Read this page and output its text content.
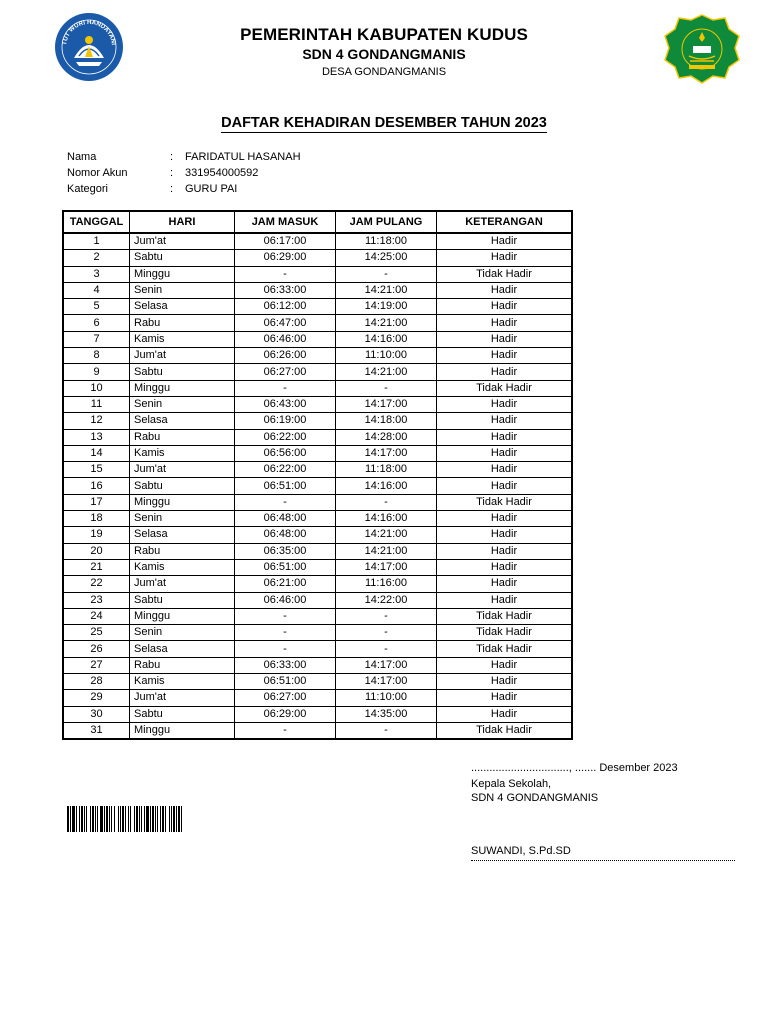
TUT WURI HANDAYANI
PEMERINTAH KABUPATEN KUDUS
SDN 4 GONDANGMANIS
DESA GONDANGMANIS
DAFTAR KEHADIRAN DESEMBER TAHUN 2023
Nama	:	FARIDATUL HASANAH
Nomor Akun	:	331954000592
Kategori	:	GURU PAI
TANGGAL	HARI	JAM MASUK	JAM PULANG	KETERANGAN
1	Jum'at	06:17:00	11:18:00	Hadir
2	Sabtu	06:29:00	14:25:00	Hadir
3	Minggu	-	-	Tidak Hadir
4	Senin	06:33:00	14:21:00	Hadir
5	Selasa	06:12:00	14:19:00	Hadir
6	Rabu	06:47:00	14:21:00	Hadir
7	Kamis	06:46:00	14:16:00	Hadir
8	Jum'at	06:26:00	11:10:00	Hadir
9	Sabtu	06:27:00	14:21:00	Hadir
10	Minggu	-	-	Tidak Hadir
11	Senin	06:43:00	14:17:00	Hadir
12	Selasa	06:19:00	14:18:00	Hadir
13	Rabu	06:22:00	14:28:00	Hadir
14	Kamis	06:56:00	14:17:00	Hadir
15	Jum'at	06:22:00	11:18:00	Hadir
16	Sabtu	06:51:00	14:16:00	Hadir
17	Minggu	-	-	Tidak Hadir
18	Senin	06:48:00	14:16:00	Hadir
19	Selasa	06:48:00	14:21:00	Hadir
20	Rabu	06:35:00	14:21:00	Hadir
21	Kamis	06:51:00	14:17:00	Hadir
22	Jum'at	06:21:00	11:16:00	Hadir
23	Sabtu	06:46:00	14:22:00	Hadir
24	Minggu	-	-	Tidak Hadir
25	Senin	-	-	Tidak Hadir
26	Selasa	-	-	Tidak Hadir
27	Rabu	06:33:00	14:17:00	Hadir
28	Kamis	06:51:00	14:17:00	Hadir
29	Jum'at	06:27:00	11:10:00	Hadir
30	Sabtu	06:29:00	14:35:00	Hadir
31	Minggu	-	-	Tidak Hadir
................................, ....... Desember 2023
Kepala Sekolah,
SDN 4 GONDANGMANIS
SUWANDI, S.Pd.SD
